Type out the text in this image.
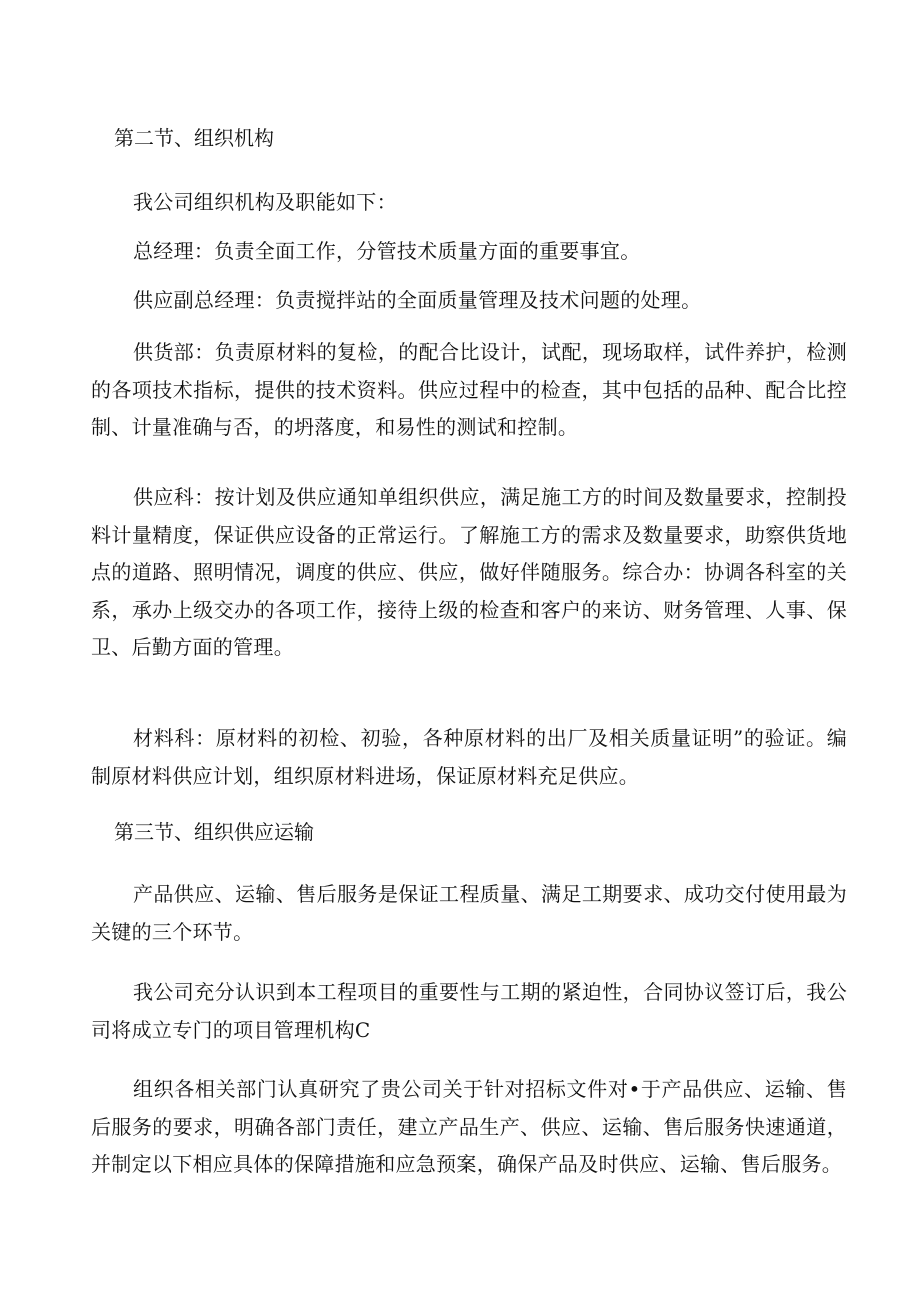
第二节、组织机构

我公司组织机构及职能如下：

总经理：负责全面工作，分管技术质量方面的重要事宜。

供应副总经理：负责搅拌站的全面质量管理及技术问题的处理。

供货部：负责原材料的复检，的配合比设计，试配，现场取样，试件养护，检测的各项技术指标，提供的技术资料。供应过程中的检查，其中包括的品种、配合比控制、计量准确与否，的坍落度，和易性的测试和控制。

供应科：按计划及供应通知单组织供应，满足施工方的时间及数量要求，控制投料计量精度，保证供应设备的正常运行。了解施工方的需求及数量要求，助察供货地点的道路、照明情况，调度的供应、供应，做好伴随服务。综合办：协调各科室的关系，承办上级交办的各项工作，接待上级的检查和客户的来访、财务管理、人事、保卫、后勤方面的管理。

材料科：原材料的初检、初验，各种原材料的出厂及相关质量证明”的验证。编制原材料供应计划，组织原材料进场，保证原材料充足供应。

第三节、组织供应运输

产品供应、运输、售后服务是保证工程质量、满足工期要求、成功交付使用最为关键的三个环节。

我公司充分认识到本工程项目的重要性与工期的紧迫性，合同协议签订后，我公司将成立专门的项目管理机构C

组织各相关部门认真研究了贵公司关于针对招标文件对•于产品供应、运输、售后服务的要求，明确各部门责任，建立产品生产、供应、运输、售后服务快速通道，并制定以下相应具体的保障措施和应急预案，确保产品及时供应、运输、售后服务。
